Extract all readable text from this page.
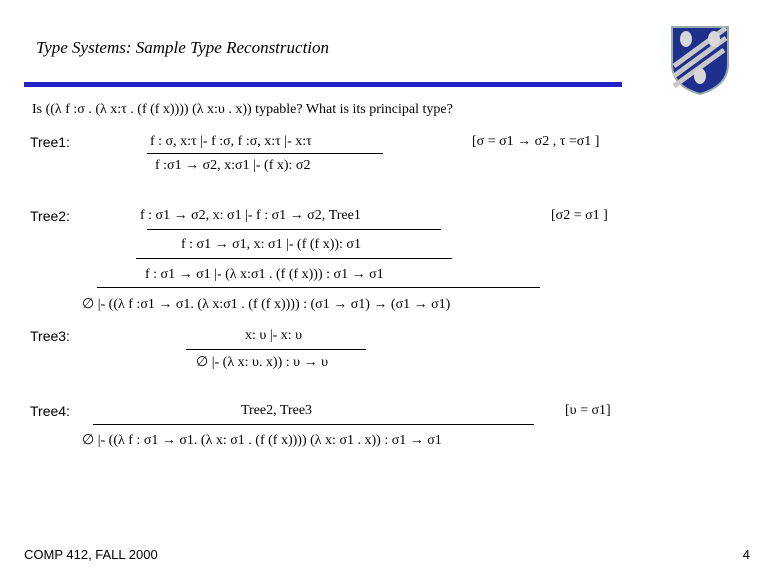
Type Systems: Sample Type Reconstruction
Is ((λ f :σ . (λ x:τ . (f (f x)))) (λ x:υ . x)) typable? What is its principal type?
Tree1:	f : σ, x:τ |- f :σ, f :σ, x:τ |- x:τ
f :σ1 → σ2, x:σ1 |- (f x): σ2
[σ = σ1 → σ2 , τ =σ1 ]
Tree2:	f : σ1 → σ2, x: σ1 |- f : σ1 → σ2, Tree1
f : σ1 → σ1, x: σ1 |- (f (f x)): σ1
f : σ1 → σ1 |- (λ x:σ1 . (f (f x))) : σ1 → σ1
∅ |- ((λ f :σ1 → σ1. (λ x:σ1 . (f (f x)))) : (σ1 → σ1) → (σ1 → σ1)
[σ2 = σ1 ]
Tree3:	x: υ |- x: υ
∅ |- (λ x: υ. x)) : υ → υ
Tree4:	Tree2, Tree3
∅ |- ((λ f : σ1 → σ1. (λ x: σ1 . (f (f x)))) (λ x: σ1 . x)) : σ1 → σ1
[υ = σ1]
COMP 412, FALL 2000	4
